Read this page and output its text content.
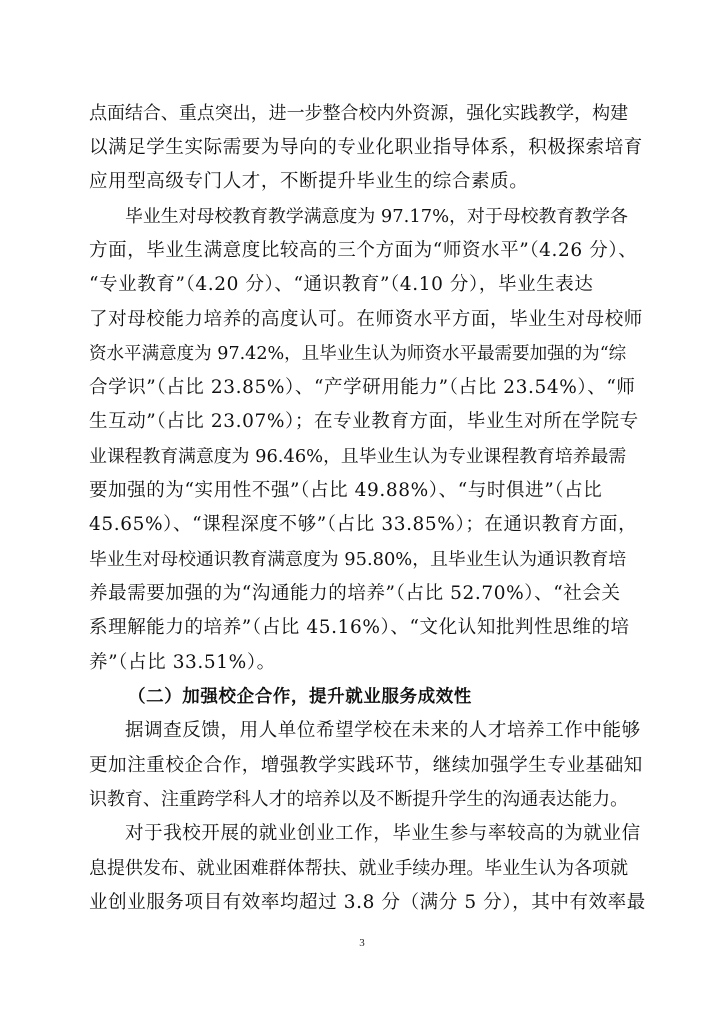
点面结合、重点突出，进一步整合校内外资源，强化实践教学，构建
以满足学生实际需要为导向的专业化职业指导体系，积极探索培育
应用型高级专门人才，不断提升毕业生的综合素质。
毕业生对母校教育教学满意度为 97.17%，对于母校教育教学各
方面，毕业生满意度比较高的三个方面为“师资水平”（4.26 分）、
“专业教育”（4.20 分）、“通识教育”（4.10 分），毕业生表达
了对母校能力培养的高度认可。在师资水平方面，毕业生对母校师
资水平满意度为 97.42%，且毕业生认为师资水平最需要加强的为“综
合学识”（占比 23.85%）、“产学研用能力”（占比 23.54%）、“师
生互动”（占比 23.07%）；在专业教育方面，毕业生对所在学院专
业课程教育满意度为 96.46%，且毕业生认为专业课程教育培养最需
要加强的为“实用性不强”（占比 49.88%）、“与时俱进”（占比
45.65%）、“课程深度不够”（占比 33.85%）；在通识教育方面，
毕业生对母校通识教育满意度为 95.80%，且毕业生认为通识教育培
养最需要加强的为“沟通能力的培养”（占比 52.70%）、“社会关
系理解能力的培养”（占比 45.16%）、“文化认知批判性思维的培
养”（占比 33.51%）。
（二）加强校企合作，提升就业服务成效性
据调查反馈，用人单位希望学校在未来的人才培养工作中能够
更加注重校企合作，增强教学实践环节，继续加强学生专业基础知
识教育、注重跨学科人才的培养以及不断提升学生的沟通表达能力。
对于我校开展的就业创业工作，毕业生参与率较高的为就业信
息提供发布、就业困难群体帮扶、就业手续办理。毕业生认为各项就
业创业服务项目有效率均超过 3.8 分（满分 5 分），其中有效率最
3
